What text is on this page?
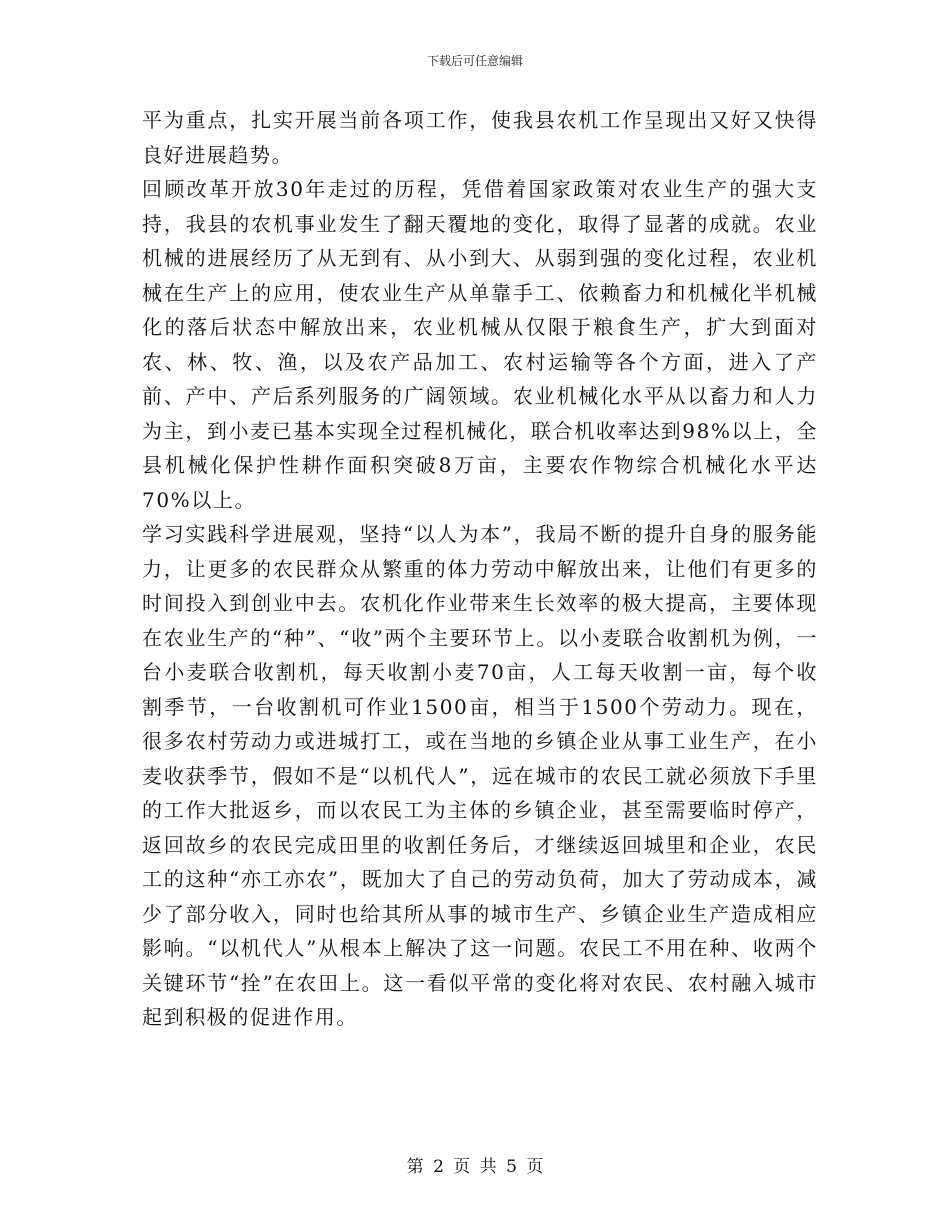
下载后可任意编辑

平为重点，扎实开展当前各项工作，使我县农机工作呈现出又好又快得良好进展趋势。

回顾改革开放30年走过的历程，凭借着国家政策对农业生产的强大支持，我县的农机事业发生了翻天覆地的变化，取得了显著的成就。农业机械的进展经历了从无到有、从小到大、从弱到强的变化过程，农业机械在生产上的应用，使农业生产从单靠手工、依赖畜力和机械化半机械化的落后状态中解放出来，农业机械从仅限于粮食生产，扩大到面对农、林、牧、渔，以及农产品加工、农村运输等各个方面，进入了产前、产中、产后系列服务的广阔领域。农业机械化水平从以畜力和人力为主，到小麦已基本实现全过程机械化，联合机收率达到98%以上，全县机械化保护性耕作面积突破8万亩，主要农作物综合机械化水平达70%以上。

学习实践科学进展观，坚持“以人为本”，我局不断的提升自身的服务能力，让更多的农民群众从繁重的体力劳动中解放出来，让他们有更多的时间投入到创业中去。农机化作业带来生长效率的极大提高，主要体现在农业生产的“种”、“收”两个主要环节上。以小麦联合收割机为例，一台小麦联合收割机，每天收割小麦70亩，人工每天收割一亩，每个收割季节，一台收割机可作业1500亩，相当于1500个劳动力。现在，很多农村劳动力或进城打工，或在当地的乡镇企业从事工业生产，在小麦收获季节，假如不是“以机代人”，远在城市的农民工就必须放下手里的工作大批返乡，而以农民工为主体的乡镇企业，甚至需要临时停产，返回故乡的农民完成田里的收割任务后，才继续返回城里和企业，农民工的这种“亦工亦农”，既加大了自己的劳动负荷，加大了劳动成本，减少了部分收入，同时也给其所从事的城市生产、乡镇企业生产造成相应影响。“以机代人”从根本上解决了这一问题。农民工不用在种、收两个关键环节“拴”在农田上。这一看似平常的变化将对农民、农村融入城市起到积极的促进作用。

第 2 页 共 5 页
